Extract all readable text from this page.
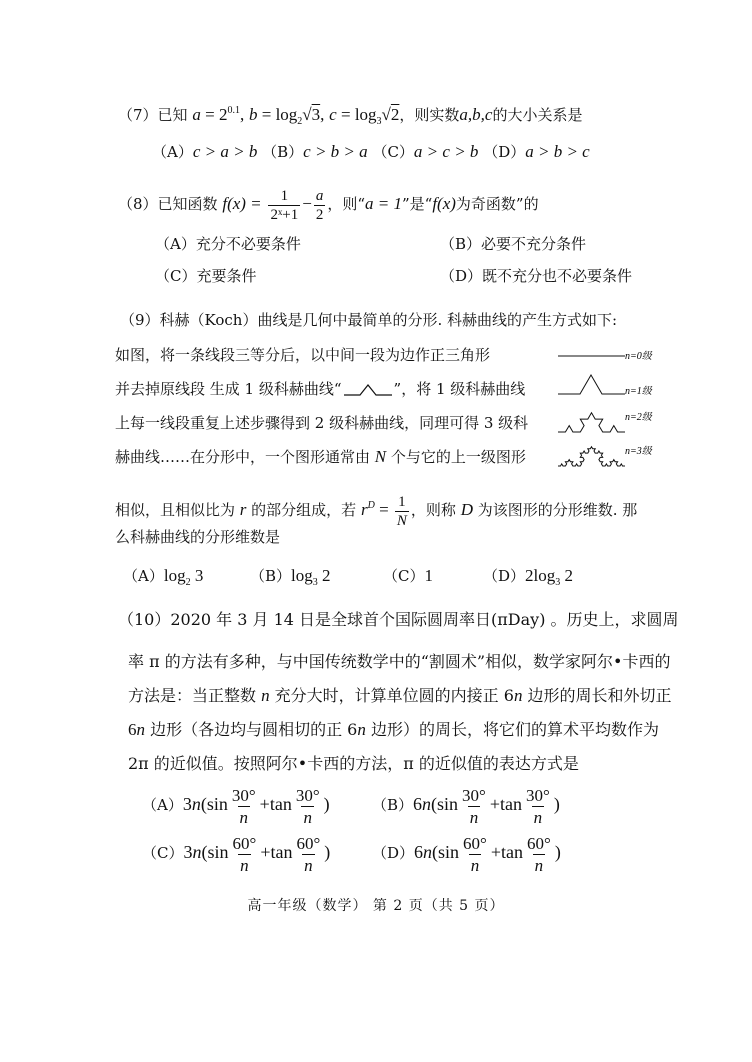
（7）已知 $a = 2^{0.1}$, $b = \log_2√3$, $c = \log_3√2$，则实数a,b,c的大小关系是
（A）c > a > b （B）c > b > a （C）a > c > b （D）a > b > c
（8）已知函数 $f(x) = \frac{1}{\text{2ˣ+1}} - \frac{a}{2}$ ，则“a = 1”是“f(x)为奇函数”的
（A）充分不必要条件	（B）必要不充分条件
（C）充要条件	（D）既不充分也不必要条件
（9）科赫（Koch）曲线是几何中最简单的分形. 科赫曲线的产生方式如下:
如图，将一条线段三等分后，以中间一段为边作正三角形
并去掉原线段 生成 1 级科赫曲线“	”，将 1 级科赫曲线
上每一线段重复上述步骤得到 2 级科赫曲线，同理可得 3 级科
赫曲线……在分形中，一个图形通常由 N 个与它的上一级图形
相似，且相似比为 r 的部分组成，若 $r^D = \frac{1}{N}$ ，则称 D 为该图形的分形维数. 那
么科赫曲线的分形维数是
n=0级
n=1级
n=2级
n=3级
$(A)\log_2$ 3	$(B)\log_3$ 2	（C）1	$(D)2\log_3$ 2
（10）2020 年 3 月 14 日是全球首个国际圆周率日(πDay) 。历史上，求圆周
率 π 的方法有多种，与中国传统数学中的“割圆术”相似，数学家阿尔•卡西的
方法是：当正整数 n 充分大时，计算单位圆的内接正 6n 边形的周长和外切正
6n 边形（各边均与圆相切的正 6n 边形）的周长，将它们的算术平均数作为
2π 的近似值。按照阿尔•卡西的方法，π 的近似值的表达方式是
$(A)3n(\sin \frac{30^\circ}{n} +\tan \frac{30^\circ}{n}$ )	$(B)6n(\sin \frac{30^\circ}{n} +\tan \frac{30^\circ}{n}$ )
$(C)3n(\sin \frac{60^\circ}{n} +\tan \frac{60^\circ}{n}$ )	$(D)6n(\sin \frac{60^\circ}{n} +\tan \frac{60^\circ}{n}$ )
高一年级（数学） 第 2 页（共 5 页）
